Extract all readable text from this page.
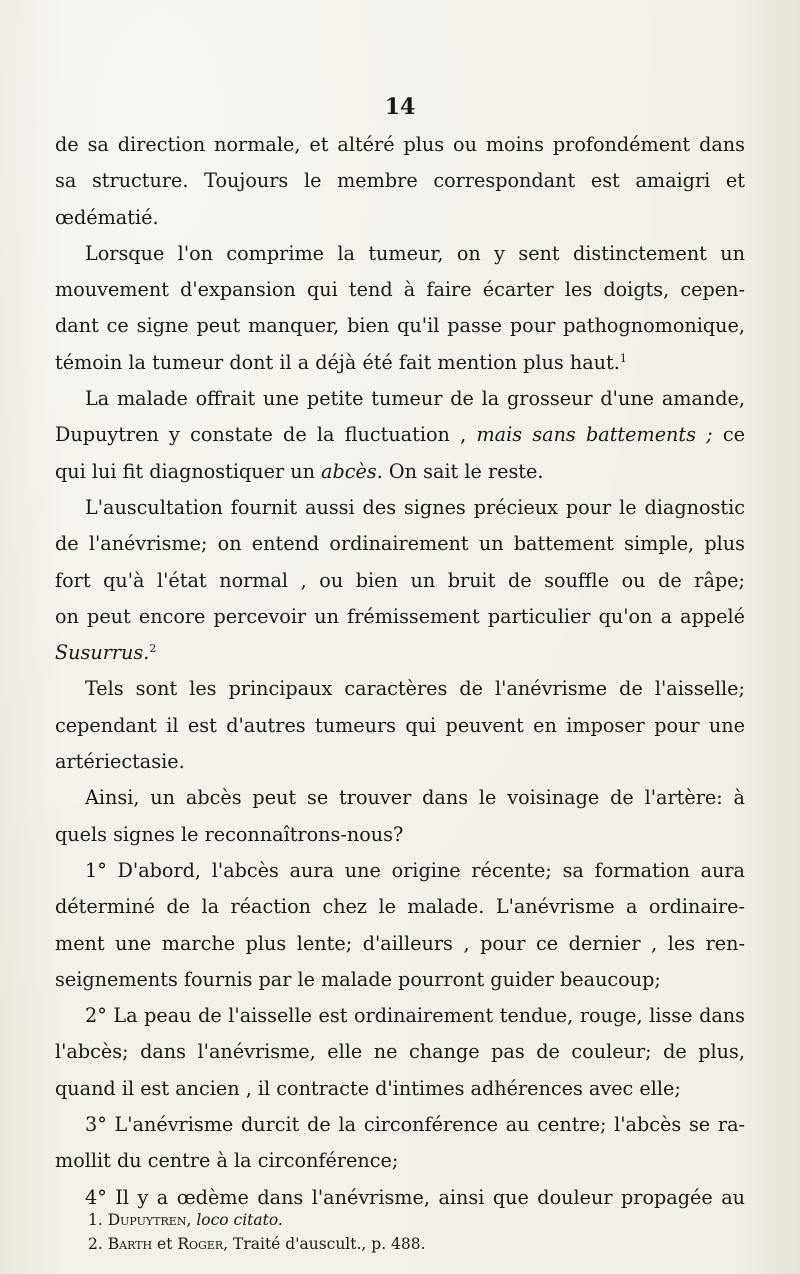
14

de sa direction normale, et altéré plus ou moins profondément dans
sa structure. Toujours le membre correspondant est amaigri et
œdématié.
Lorsque l'on comprime la tumeur, on y sent distinctement un
mouvement d'expansion qui tend à faire écarter les doigts, cepen-
dant ce signe peut manquer, bien qu'il passe pour pathognomonique,
témoin la tumeur dont il a déjà été fait mention plus haut.$^1$
La malade offrait une petite tumeur de la grosseur d'une amande,
Dupuytren y constate de la fluctuation , mais sans battements ; ce
qui lui fit diagnostiquer un abcès. On sait le reste.
L'auscultation fournit aussi des signes précieux pour le diagnostic
de l'anévrisme; on entend ordinairement un battement simple, plus
fort qu'à l'état normal , ou bien un bruit de souffle ou de râpe;
on peut encore percevoir un frémissement particulier qu'on a appelé
Susurrus.$^2$
Tels sont les principaux caractères de l'anévrisme de l'aisselle;
cependant il est d'autres tumeurs qui peuvent en imposer pour une
artériectasie.
Ainsi, un abcès peut se trouver dans le voisinage de l'artère: à
quels signes le reconnaîtrons-nous?
1° D'abord, l'abcès aura une origine récente; sa formation aura
déterminé de la réaction chez le malade. L'anévrisme a ordinaire-
ment une marche plus lente; d'ailleurs , pour ce dernier , les ren-
seignements fournis par le malade pourront guider beaucoup;
2° La peau de l'aisselle est ordinairement tendue, rouge, lisse dans
l'abcès; dans l'anévrisme, elle ne change pas de couleur; de plus,
quand il est ancien , il contracte d'intimes adhérences avec elle;
3° L'anévrisme durcit de la circonférence au centre; l'abcès se ra-
mollit du centre à la circonférence;
4° Il y a œdème dans l'anévrisme, ainsi que douleur propagée au
1. Dupuytren, loco citato.
2. Barth et Roger, Traité d'auscult., p. 488.
